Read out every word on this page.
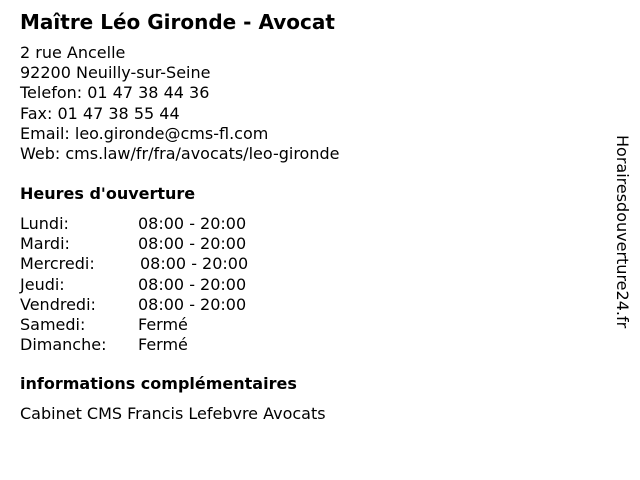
Maître Léo Gironde - Avocat
2 rue Ancelle
92200 Neuilly-sur-Seine
Telefon: 01 47 38 44 36
Fax: 01 47 38 55 44
Email: leo.gironde@cms-fl.com
Web: cms.law/fr/fra/avocats/leo-gironde
Heures d'ouverture
Lundi:	08:00 - 20:00
Mardi:	08:00 - 20:00
Mercredi:	08:00 - 20:00
Jeudi:	08:00 - 20:00
Vendredi:	08:00 - 20:00
Samedi:	Fermé
Dimanche: Fermé
informations complémentaires
Cabinet CMS Francis Lefebvre Avocats
Horairesdouverture24.fr
